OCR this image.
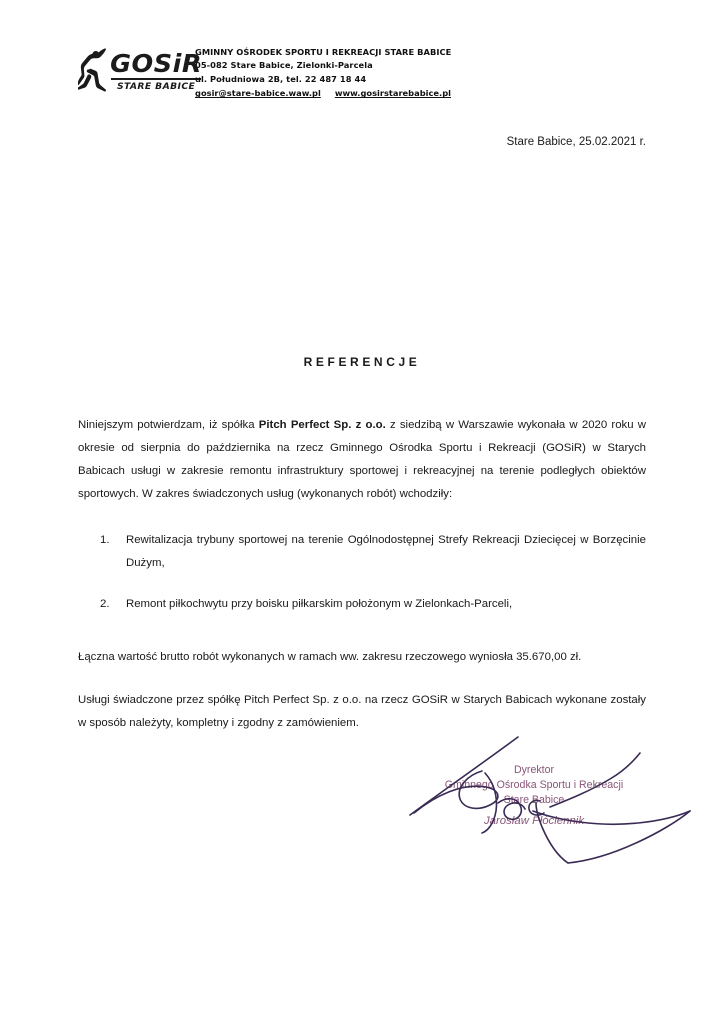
GOSiR
STARE BABICE
GMINNY OŚRODEK SPORTU I REKREACJI STARE BABICE
05-082 Stare Babice, Zielonki-Parcela
ul. Południowa 2B, tel. 22 487 18 44
gosir@stare-babice.waw.pl www.gosirstarebabice.pl
Stare Babice, 25.02.2021 r.
REFERENCJE

Niniejszym potwierdzam, iż spółka Pitch Perfect Sp. z o.o. z siedzibą w Warszawie wykonała w 2020 roku w okresie od sierpnia do października na rzecz Gminnego Ośrodka Sportu i Rekreacji (GOSiR) w Starych Babicach usługi w zakresie remontu infrastruktury sportowej i rekreacyjnej na terenie podległych obiektów sportowych. W zakres świadczonych usług (wykonanych robót) wchodziły:

1.	Rewitalizacja trybuny sportowej na terenie Ogólnodostępnej Strefy Rekreacji Dziecięcej w Borzęcinie Dużym,
2.	Remont piłkochwytu przy boisku piłkarskim położonym w Zielonkach-Parceli,

Łączna wartość brutto robót wykonanych w ramach ww. zakresu rzeczowego wyniosła 35.670,00 zł.

Usługi świadczone przez spółkę Pitch Perfect Sp. z o.o. na rzecz GOSiR w Starych Babicach wykonane zostały w sposób należyty, kompletny i zgodny z zamówieniem.

Dyrektor
Gminnego Ośrodka Sportu i Rekreacji
Stare Babice
Jarosław Płóciennik
